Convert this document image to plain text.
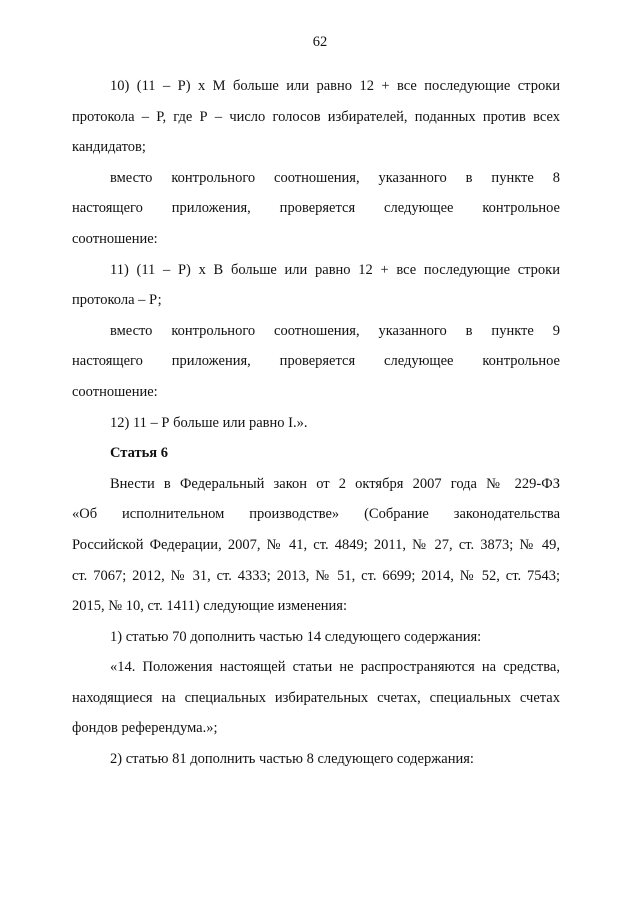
62
10) (11 – Р) х М больше или равно 12 + все последующие строки
протокола – Р, где Р – число голосов избирателей, поданных против всех
кандидатов;
вместо контрольного соотношения, указанного в пункте 8
настоящего приложения, проверяется следующее контрольное
соотношение:
11) (11 – Р) х В больше или равно 12 + все последующие строки
протокола – Р;
вместо контрольного соотношения, указанного в пункте 9
настоящего приложения, проверяется следующее контрольное
соотношение:
12) 11 – Р больше или равно I.».
Статья 6
Внести в Федеральный закон от 2 октября 2007 года № 229-ФЗ
«Об исполнительном производстве» (Собрание законодательства
Российской Федерации, 2007, № 41, ст. 4849; 2011, № 27, ст. 3873; № 49,
ст. 7067; 2012, № 31, ст. 4333; 2013, № 51, ст. 6699; 2014, № 52, ст. 7543;
2015, № 10, ст. 1411) следующие изменения:
1) статью 70 дополнить частью 14 следующего содержания:
«14. Положения настоящей статьи не распространяются на средства,
находящиеся на специальных избирательных счетах, специальных счетах
фондов референдума.»;
2) статью 81 дополнить частью 8 следующего содержания:
